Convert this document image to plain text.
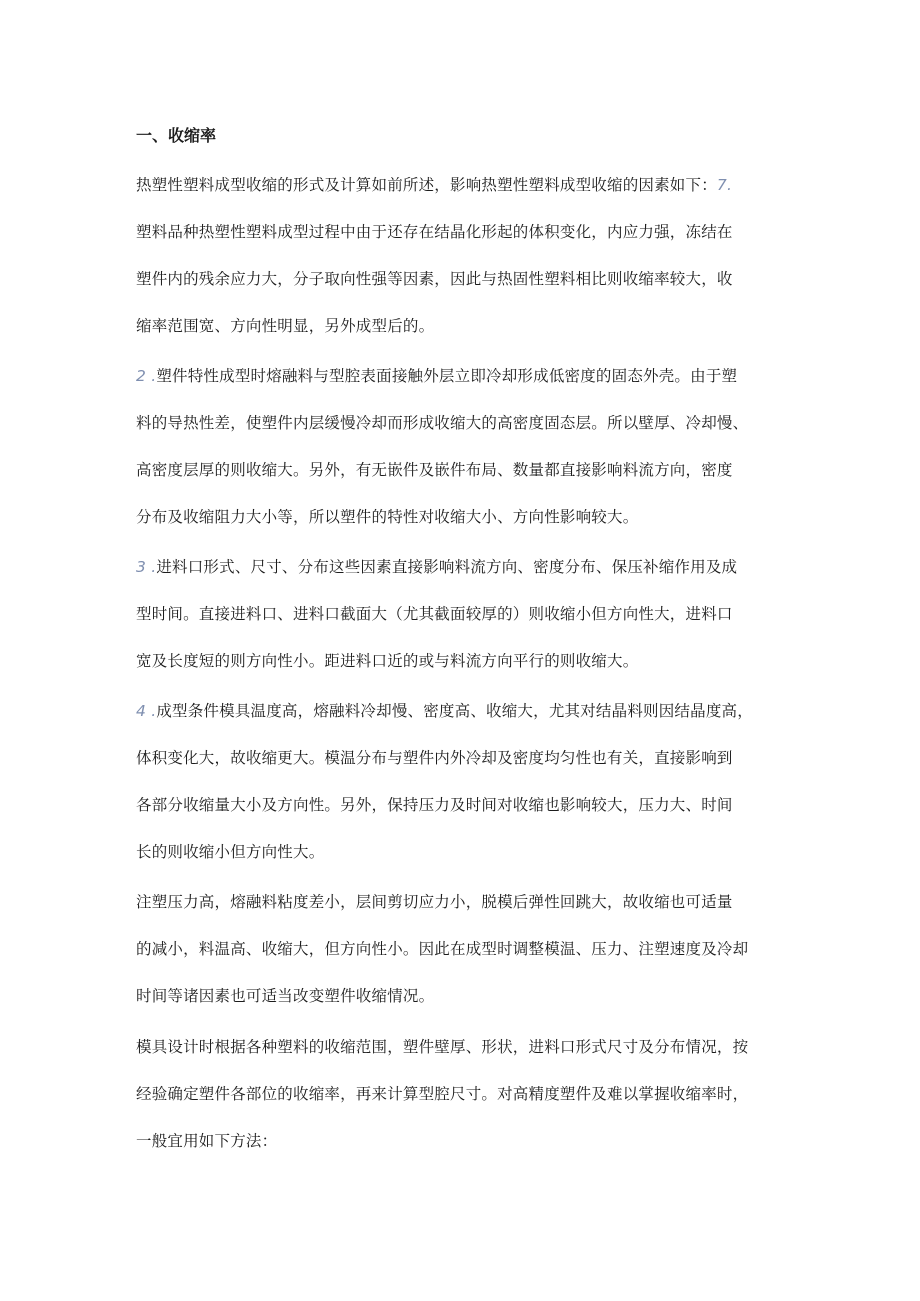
一、收缩率

热塑性塑料成型收缩的形式及计算如前所述，影响热塑性塑料成型收缩的因素如下：7.
塑料品种热塑性塑料成型过程中由于还存在结晶化形起的体积变化，内应力强，冻结在
塑件内的残余应力大，分子取向性强等因素，因此与热固性塑料相比则收缩率较大，收
缩率范围宽、方向性明显，另外成型后的。

2 .塑件特性成型时熔融料与型腔表面接触外层立即冷却形成低密度的固态外壳。由于塑
料的导热性差，使塑件内层缓慢冷却而形成收缩大的高密度固态层。所以壁厚、冷却慢、
高密度层厚的则收缩大。另外，有无嵌件及嵌件布局、数量都直接影响料流方向，密度
分布及收缩阻力大小等，所以塑件的特性对收缩大小、方向性影响较大。

3 .进料口形式、尺寸、分布这些因素直接影响料流方向、密度分布、保压补缩作用及成
型时间。直接进料口、进料口截面大（尤其截面较厚的）则收缩小但方向性大，进料口
宽及长度短的则方向性小。距进料口近的或与料流方向平行的则收缩大。

4 .成型条件模具温度高，熔融料冷却慢、密度高、收缩大，尤其对结晶料则因结晶度高，
体积变化大，故收缩更大。模温分布与塑件内外冷却及密度均匀性也有关，直接影响到
各部分收缩量大小及方向性。另外，保持压力及时间对收缩也影响较大，压力大、时间
长的则收缩小但方向性大。

注塑压力高，熔融料粘度差小，层间剪切应力小，脱模后弹性回跳大，故收缩也可适量
的减小，料温高、收缩大，但方向性小。因此在成型时调整模温、压力、注塑速度及冷却
时间等诸因素也可适当改变塑件收缩情况。

模具设计时根据各种塑料的收缩范围，塑件壁厚、形状，进料口形式尺寸及分布情况，按
经验确定塑件各部位的收缩率，再来计算型腔尺寸。对高精度塑件及难以掌握收缩率时，
一般宜用如下方法：
